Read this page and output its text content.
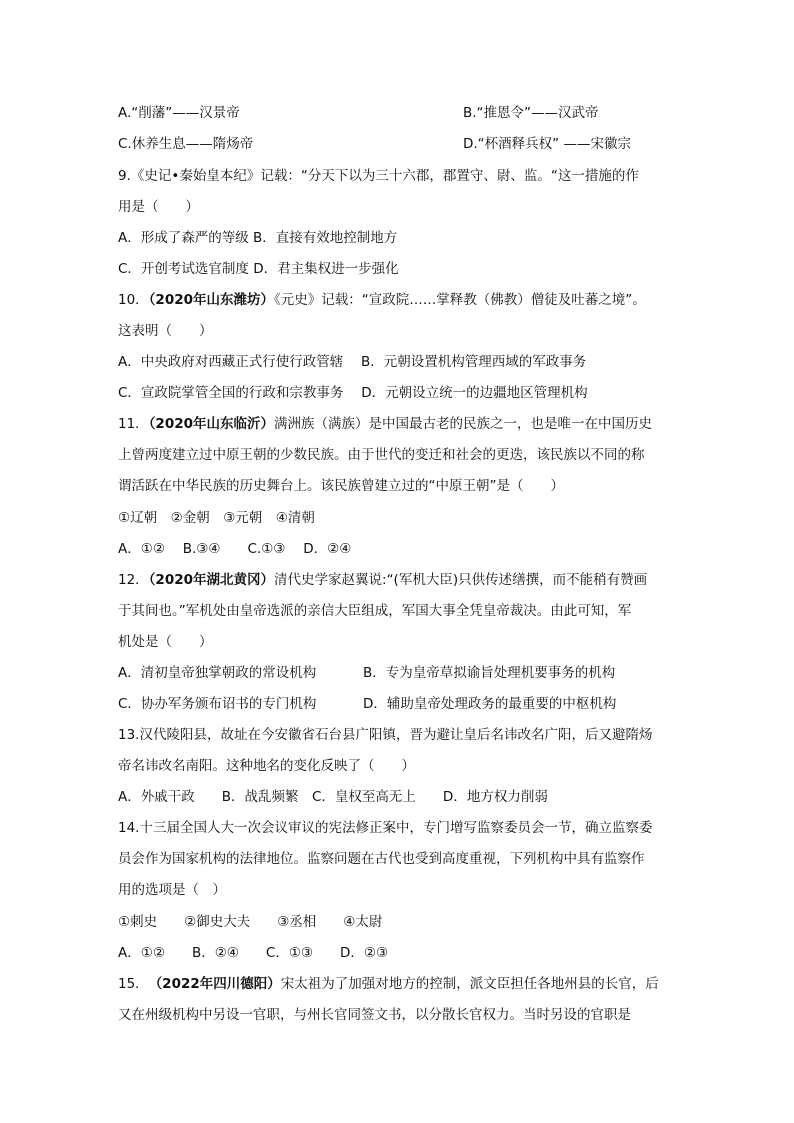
A.“削藩”——汉景帝	B.“推恩令”——汉武帝
C.休养生息——隋炀帝	D.“杯酒释兵权” ——宋徽宗
9.《史记•秦始皇本纪》记载：“分天下以为三十六郡，郡置守、尉、监。“这一措施的作
用是（　　）
A．形成了森严的等级 B．直接有效地控制地方
C．开创考试选官制度 D．君主集权进一步强化
10．（2020年山东潍坊）《元史》记载：“宣政院……掌释教（佛教）僧徒及吐蕃之境”。
这表明（　　）
A．中央政府对西藏正式行使行政管辖　 B．元朝设置机构管理西域的军政事务
C．宣政院掌管全国的行政和宗教事务　 D．元朝设立统一的边疆地区管理机构
11．（2020年山东临沂）满洲族（满族）是中国最古老的民族之一，也是唯一在中国历史
上曾两度建立过中原王朝的少数民族。由于世代的变迁和社会的更迭，该民族以不同的称
谓活跃在中华民族的历史舞台上。该民族曾建立过的“中原王朝”是（　　）
①辽朝　②金朝　③元朝　④清朝
A．①②　 B.③④　　C.①③　 D．②④
12．（2020年湖北黄冈）清代史学家赵翼说:“(军机大臣)只供传述缮撰，而不能稍有赞画
于其间也。”军机处由皇帝选派的亲信大臣组成，军国大事全凭皇帝裁决。由此可知，军
机处是（　　）
A．清初皇帝独掌朝政的常设机构	B．专为皇帝草拟谕旨处理机要事务的机构
C．协办军务颁布诏书的专门机构	D．辅助皇帝处理政务的最重要的中枢机构
13.汉代陵阳县，故址在今安徽省石台县广阳镇，晋为避让皇后名讳改名广阳，后又避隋炀
帝名讳改名南阳。这种地名的变化反映了（　　）
A．外戚干政　　B．战乱频繁　C．皇权至高无上　　D．地方权力削弱
14.十三届全国人大一次会议审议的宪法修正案中，专门增写监察委员会一节，确立监察委
员会作为国家机构的法律地位。监察问题在古代也受到高度重视，下列机构中具有监察作
用的选项是（　）
①刺史　　②御史大夫　　③丞相　　④太尉
A．①②　　B．②④　　C．①③　　D．②③
15．　（2022年四川德阳）宋太祖为了加强对地方的控制，派文臣担任各地州县的长官，后
又在州级机构中另设一官职，与州长官同签文书，以分散长官权力。当时另设的官职是
